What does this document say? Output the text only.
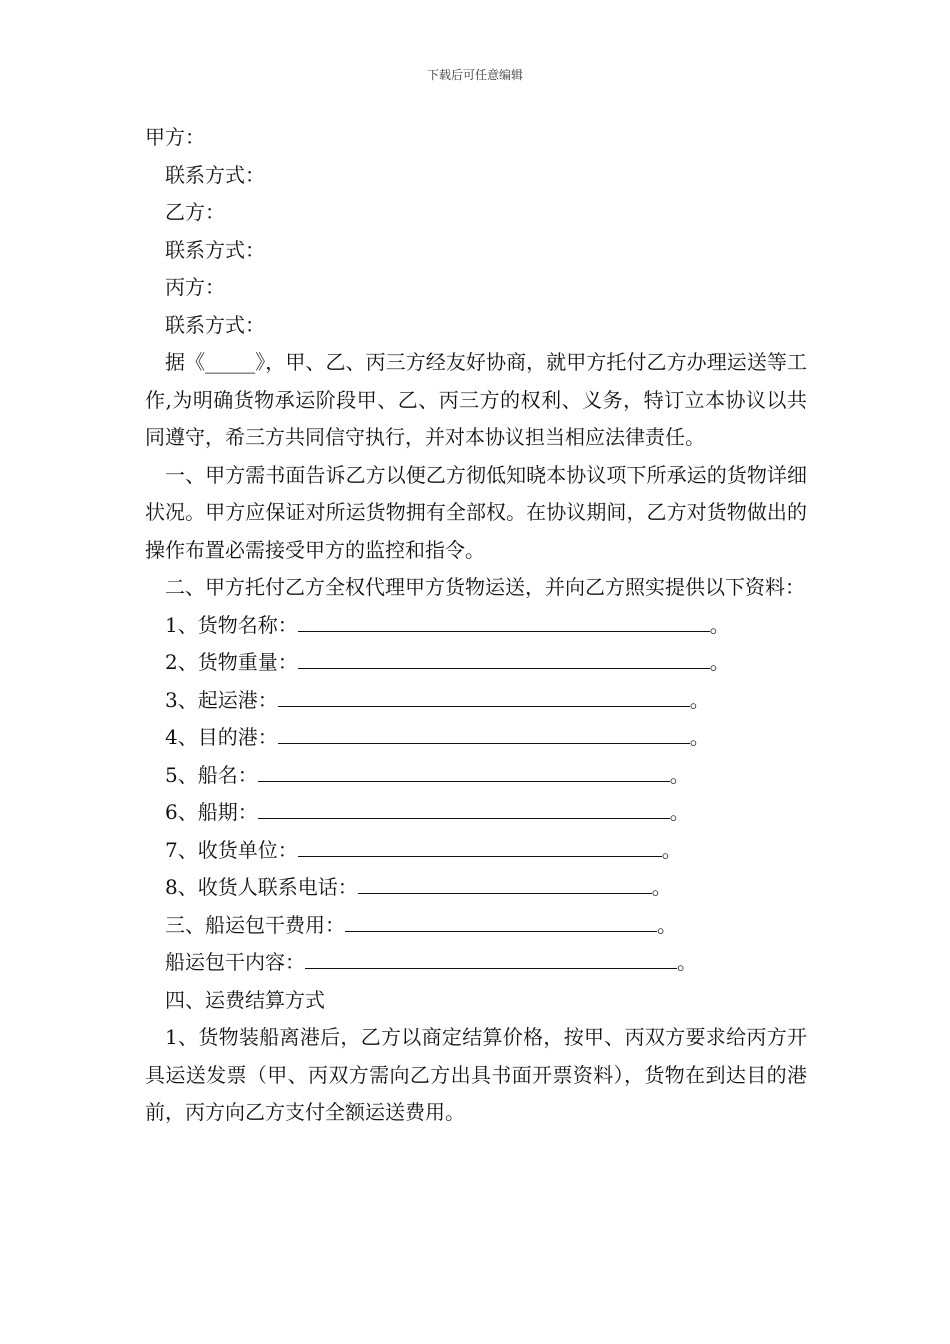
下载后可任意编辑
甲方：
联系方式：
乙方：
联系方式：
丙方：
联系方式：
据《_____》，甲、乙、丙三方经友好协商，就甲方托付乙方办理运送等工作,为明确货物承运阶段甲、乙、丙三方的权利、义务，特订立本协议以共同遵守，希三方共同信守执行，并对本协议担当相应法律责任。
一、甲方需书面告诉乙方以便乙方彻低知晓本协议项下所承运的货物详细状况。甲方应保证对所运货物拥有全部权。在协议期间，乙方对货物做出的操作布置必需接受甲方的监控和指令。
二、甲方托付乙方全权代理甲方货物运送，并向乙方照实提供以下资料：
1、货物名称：	。
2、货物重量：	。
3、起运港：	。
4、目的港：	。
5、船名：	。
6、船期：	。
7、收货单位：	。
8、收货人联系电话：	。
三、船运包干费用：	。
船运包干内容：	。
四、运费结算方式
1、货物装船离港后，乙方以商定结算价格，按甲、丙双方要求给丙方开具运送发票（甲、丙双方需向乙方出具书面开票资料），货物在到达目的港前，丙方向乙方支付全额运送费用。
